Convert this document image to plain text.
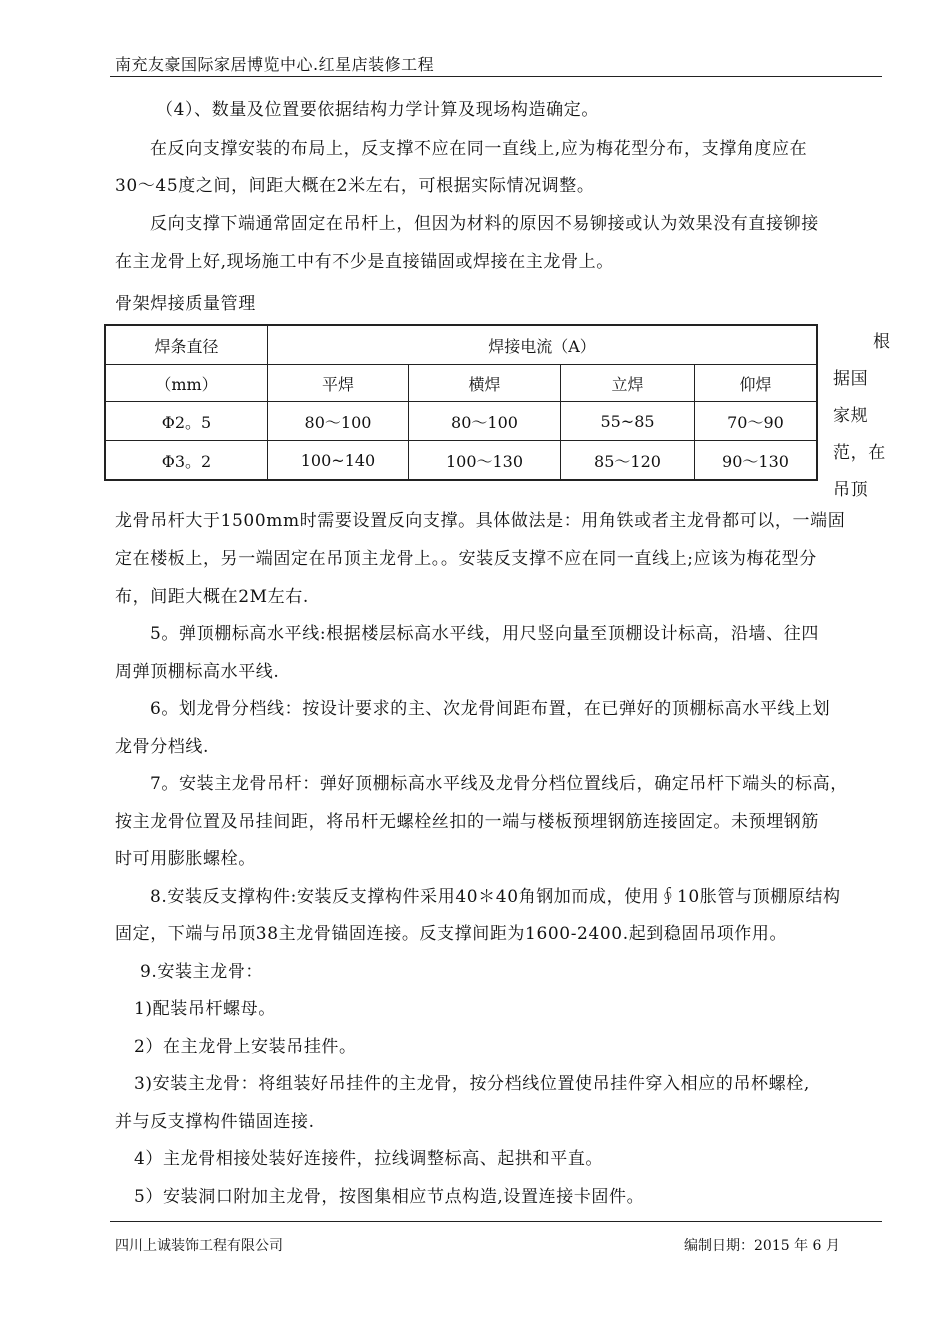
南充友豪国际家居博览中心.红星店装修工程
（4）、数量及位置要依据结构力学计算及现场构造确定。
在反向支撑安装的布局上，反支撑不应在同一直线上,应为梅花型分布，支撑角度应在
30～45度之间，间距大概在2米左右，可根据实际情况调整。
反向支撑下端通常固定在吊杆上，但因为材料的原因不易铆接或认为效果没有直接铆接
在主龙骨上好,现场施工中有不少是直接锚固或焊接在主龙骨上。
骨架焊接质量管理
焊条直径	焊接电流（A）			
（mm）	平焊	横焊	立焊	仰焊
Φ2。5	80～100	80～100	55~85	70～90
Φ3。2	100~140	100～130	85～120	90～130
根
据国
家规
范，在
吊顶
龙骨吊杆大于1500mm时需要设置反向支撑。具体做法是：用角铁或者主龙骨都可以，一端固
定在楼板上，另一端固定在吊顶主龙骨上。。安装反支撑不应在同一直线上;应该为梅花型分
布，间距大概在2M左右.
5。弹顶棚标高水平线:根据楼层标高水平线，用尺竖向量至顶棚设计标高，沿墙、往四
周弹顶棚标高水平线.
6。划龙骨分档线：按设计要求的主、次龙骨间距布置，在已弹好的顶棚标高水平线上划
龙骨分档线.
7。安装主龙骨吊杆：弹好顶棚标高水平线及龙骨分档位置线后，确定吊杆下端头的标高，
按主龙骨位置及吊挂间距，将吊杆无螺栓丝扣的一端与楼板预埋钢筋连接固定。未预埋钢筋
时可用膨胀螺栓。
8.安装反支撑构件:安装反支撑构件采用40＊40角钢加而成，使用∮10胀管与顶棚原结构
固定，下端与吊顶38主龙骨锚固连接。反支撑间距为1600-2400.起到稳固吊项作用。
9.安装主龙骨：
1)配装吊杆螺母。
2）在主龙骨上安装吊挂件。
3)安装主龙骨：将组装好吊挂件的主龙骨，按分档线位置使吊挂件穿入相应的吊杯螺栓,
并与反支撑构件锚固连接.
4）主龙骨相接处装好连接件，拉线调整标高、起拱和平直。
5）安装洞口附加主龙骨，按图集相应节点构造,设置连接卡固件。
四川上诚装饰工程有限公司	编制日期：2015 年 6 月
